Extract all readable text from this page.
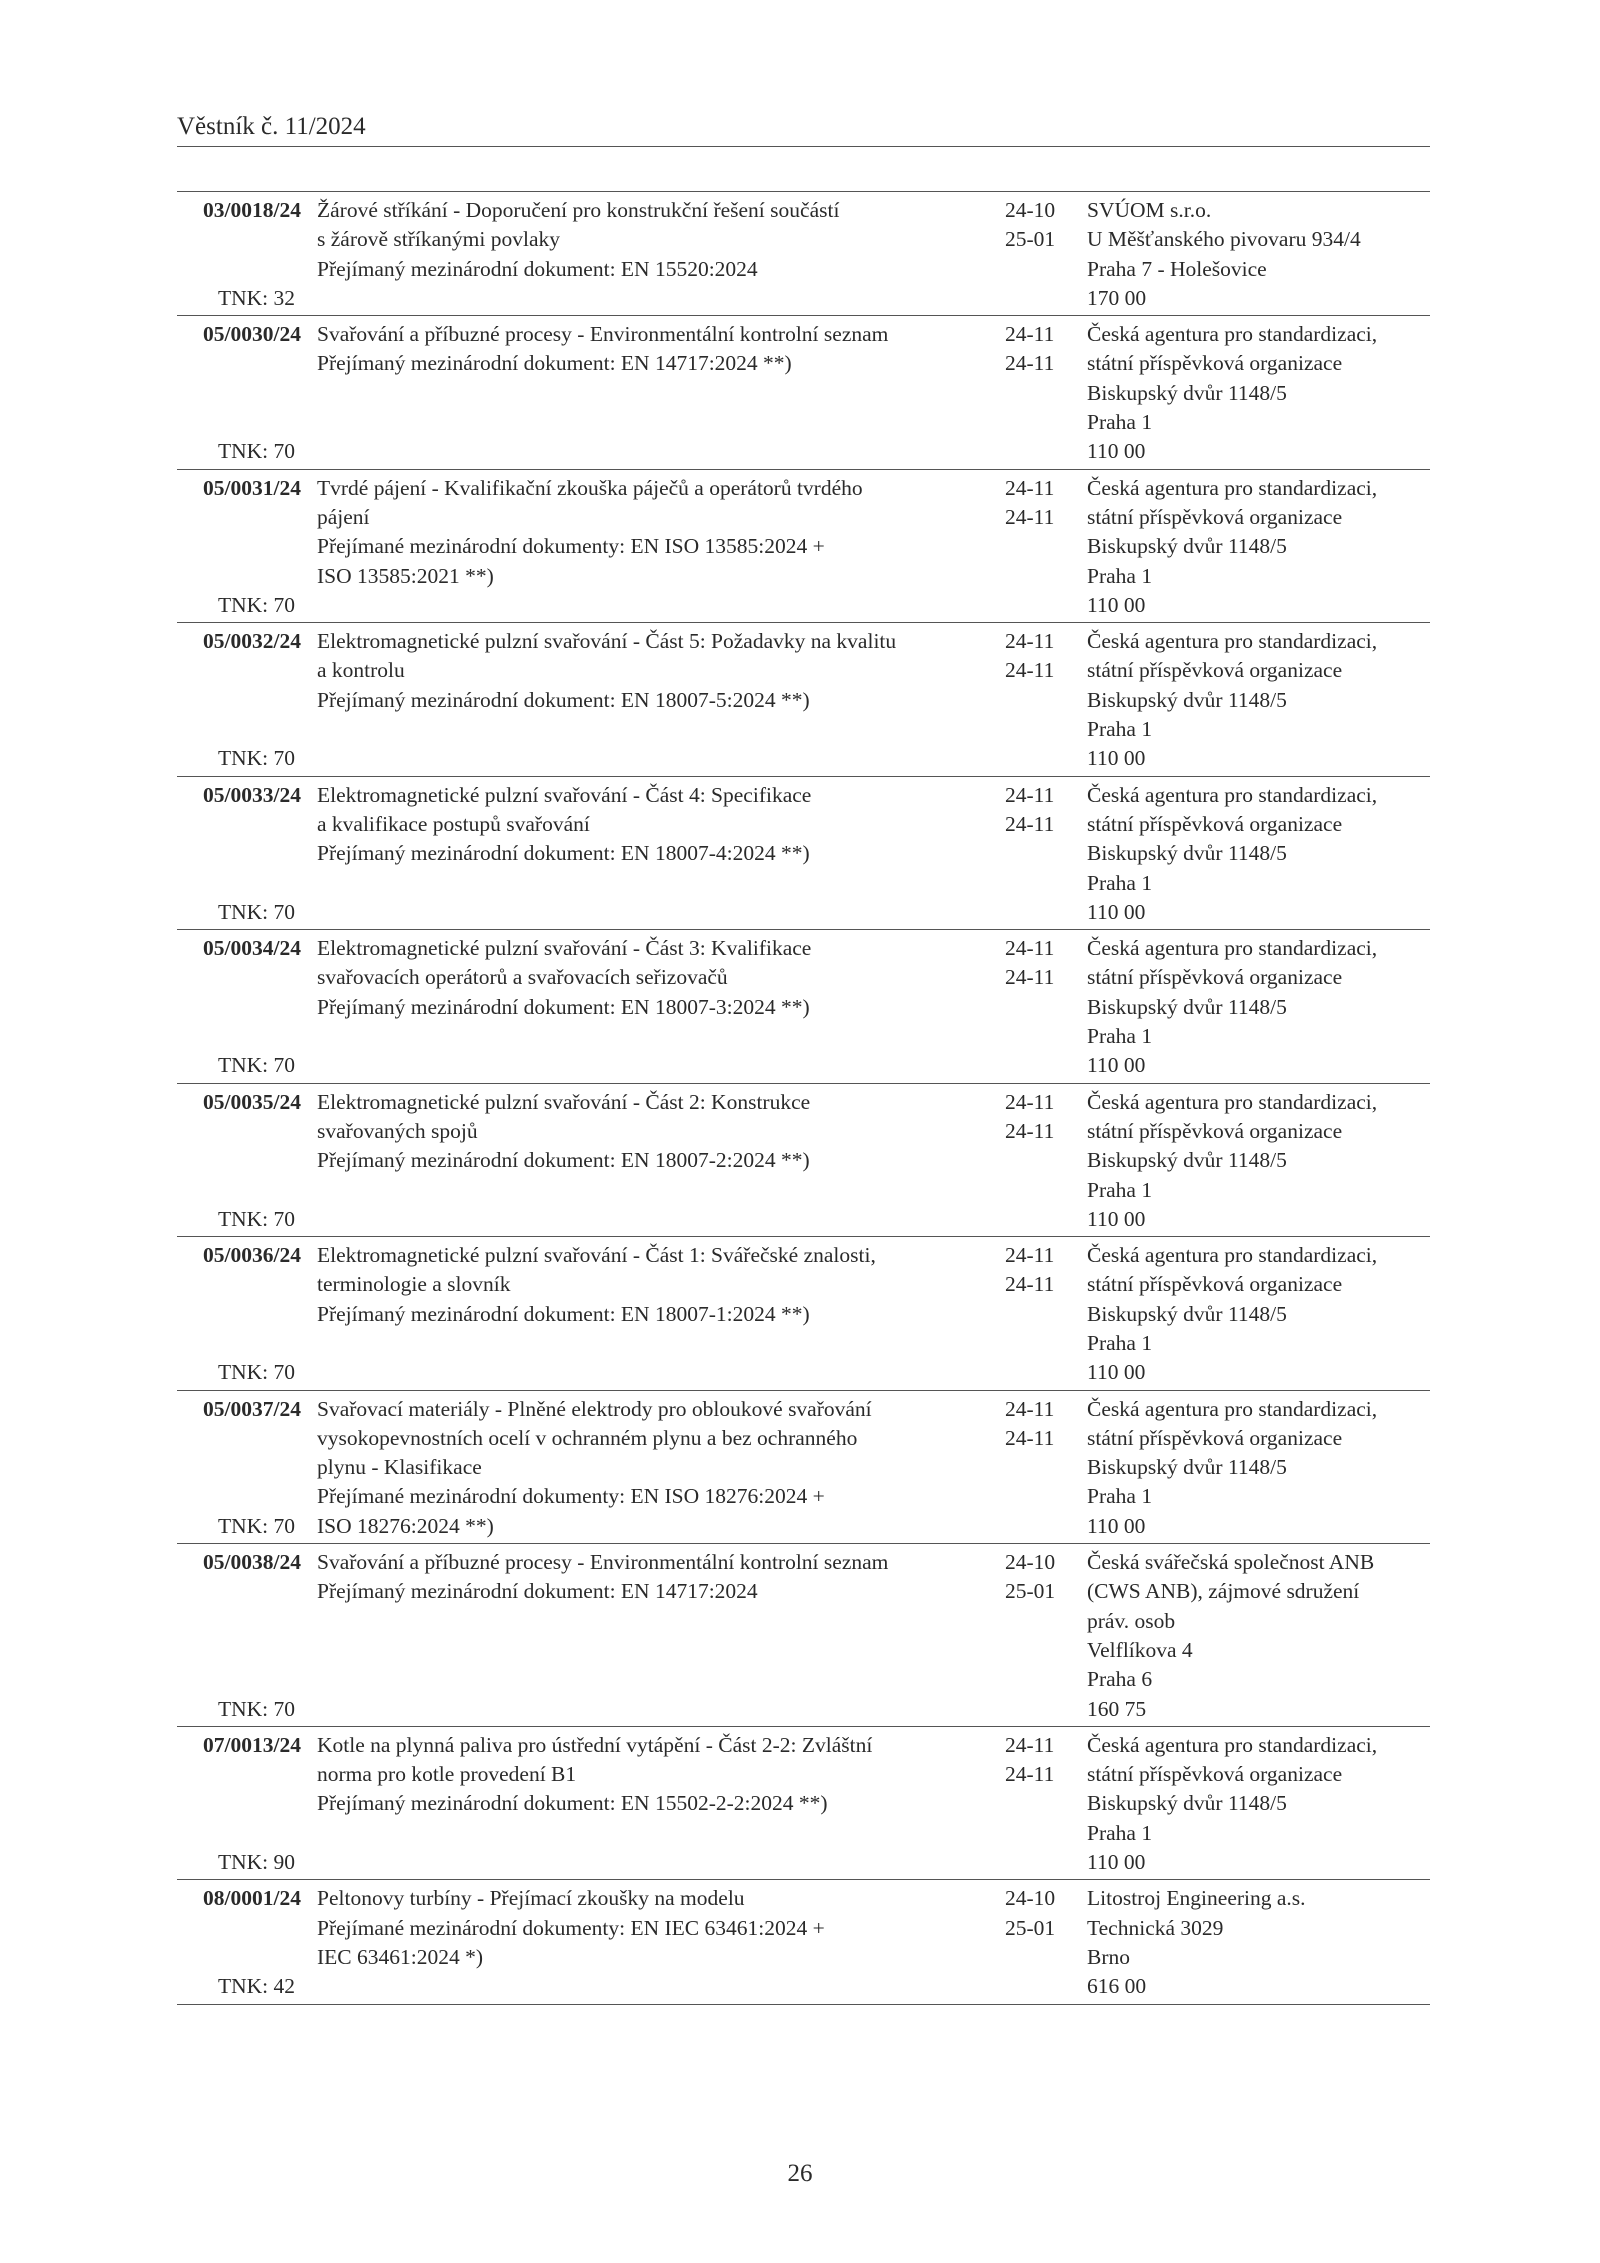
Věstník č. 11/2024
03/0018/24
TNK: 32
Žárové stříkání - Doporučení pro konstrukční řešení součástí
s žárově stříkanými povlaky
Přejímaný mezinárodní dokument: EN 15520:2024
24-10
25-01
SVÚOM s.r.o.
U Měšťanského pivovaru 934/4
Praha 7 - Holešovice
170 00
05/0030/24
TNK: 70
Svařování a příbuzné procesy - Environmentální kontrolní seznam
Přejímaný mezinárodní dokument: EN 14717:2024 **)
24-11
24-11
Česká agentura pro standardizaci,
státní příspěvková organizace
Biskupský dvůr 1148/5
Praha 1
110 00
05/0031/24
TNK: 70
Tvrdé pájení - Kvalifikační zkouška páječů a operátorů tvrdého
pájení
Přejímané mezinárodní dokumenty: EN ISO 13585:2024 +
ISO 13585:2021 **)
24-11
24-11
Česká agentura pro standardizaci,
státní příspěvková organizace
Biskupský dvůr 1148/5
Praha 1
110 00
05/0032/24
TNK: 70
Elektromagnetické pulzní svařování - Část 5: Požadavky na kvalitu
a kontrolu
Přejímaný mezinárodní dokument: EN 18007-5:2024 **)
24-11
24-11
Česká agentura pro standardizaci,
státní příspěvková organizace
Biskupský dvůr 1148/5
Praha 1
110 00
05/0033/24
TNK: 70
Elektromagnetické pulzní svařování - Část 4: Specifikace
a kvalifikace postupů svařování
Přejímaný mezinárodní dokument: EN 18007-4:2024 **)
24-11
24-11
Česká agentura pro standardizaci,
státní příspěvková organizace
Biskupský dvůr 1148/5
Praha 1
110 00
05/0034/24
TNK: 70
Elektromagnetické pulzní svařování - Část 3: Kvalifikace
svařovacích operátorů a svařovacích seřizovačů
Přejímaný mezinárodní dokument: EN 18007-3:2024 **)
24-11
24-11
Česká agentura pro standardizaci,
státní příspěvková organizace
Biskupský dvůr 1148/5
Praha 1
110 00
05/0035/24
TNK: 70
Elektromagnetické pulzní svařování - Část 2: Konstrukce
svařovaných spojů
Přejímaný mezinárodní dokument: EN 18007-2:2024 **)
24-11
24-11
Česká agentura pro standardizaci,
státní příspěvková organizace
Biskupský dvůr 1148/5
Praha 1
110 00
05/0036/24
TNK: 70
Elektromagnetické pulzní svařování - Část 1: Svářečské znalosti,
terminologie a slovník
Přejímaný mezinárodní dokument: EN 18007-1:2024 **)
24-11
24-11
Česká agentura pro standardizaci,
státní příspěvková organizace
Biskupský dvůr 1148/5
Praha 1
110 00
05/0037/24
TNK: 70
Svařovací materiály - Plněné elektrody pro obloukové svařování
vysokopevnostních ocelí v ochranném plynu a bez ochranného
plynu - Klasifikace
Přejímané mezinárodní dokumenty: EN ISO 18276:2024 +
ISO 18276:2024 **)
24-11
24-11
Česká agentura pro standardizaci,
státní příspěvková organizace
Biskupský dvůr 1148/5
Praha 1
110 00
05/0038/24
TNK: 70
Svařování a příbuzné procesy - Environmentální kontrolní seznam
Přejímaný mezinárodní dokument: EN 14717:2024
24-10
25-01
Česká svářečská společnost ANB
(CWS ANB), zájmové sdružení
práv. osob
Velflíkova 4
Praha 6
160 75
07/0013/24
TNK: 90
Kotle na plynná paliva pro ústřední vytápění - Část 2-2: Zvláštní
norma pro kotle provedení B1
Přejímaný mezinárodní dokument: EN 15502-2-2:2024 **)
24-11
24-11
Česká agentura pro standardizaci,
státní příspěvková organizace
Biskupský dvůr 1148/5
Praha 1
110 00
08/0001/24
TNK: 42
Peltonovy turbíny - Přejímací zkoušky na modelu
Přejímané mezinárodní dokumenty: EN IEC 63461:2024 +
IEC 63461:2024 *)
24-10
25-01
Litostroj Engineering a.s.
Technická 3029
Brno
616 00
26
